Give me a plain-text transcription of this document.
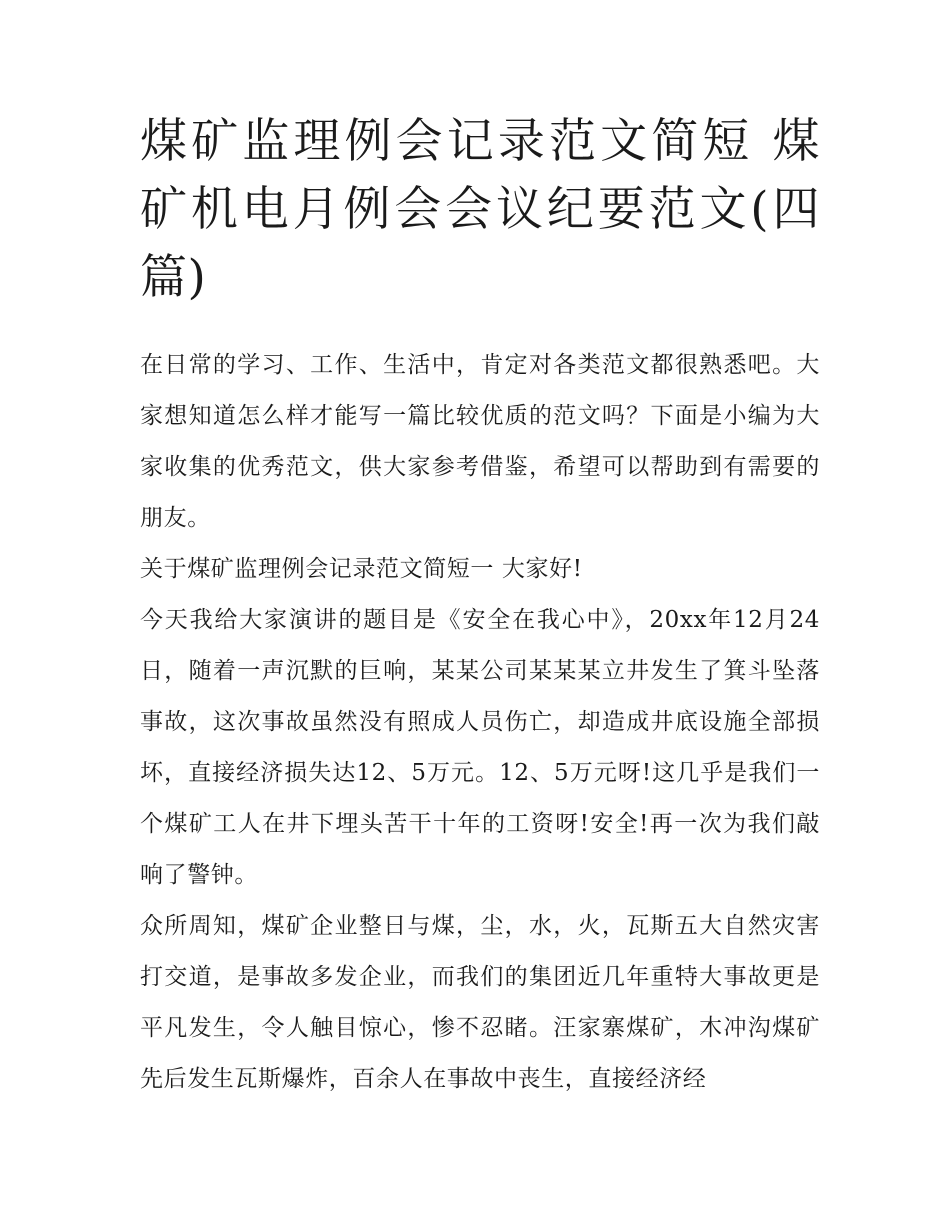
煤矿监理例会记录范文简短 煤矿机电月例会会议纪要范文(四篇)

在日常的学习、工作、生活中，肯定对各类范文都很熟悉吧。大家想知道怎么样才能写一篇比较优质的范文吗？下面是小编为大家收集的优秀范文，供大家参考借鉴，希望可以帮助到有需要的朋友。

关于煤矿监理例会记录范文简短一 大家好!

今天我给大家演讲的题目是《安全在我心中》，20xx年12月24日，随着一声沉默的巨响，某某公司某某某立井发生了箕斗坠落事故，这次事故虽然没有照成人员伤亡，却造成井底设施全部损坏，直接经济损失达12、5万元。12、5万元呀!这几乎是我们一个煤矿工人在井下埋头苦干十年的工资呀!安全!再一次为我们敲响了警钟。

众所周知，煤矿企业整日与煤，尘，水，火，瓦斯五大自然灾害打交道，是事故多发企业，而我们的集团近几年重特大事故更是平凡发生，令人触目惊心，惨不忍睹。汪家寨煤矿，木冲沟煤矿先后发生瓦斯爆炸，百余人在事故中丧生，直接经济经
